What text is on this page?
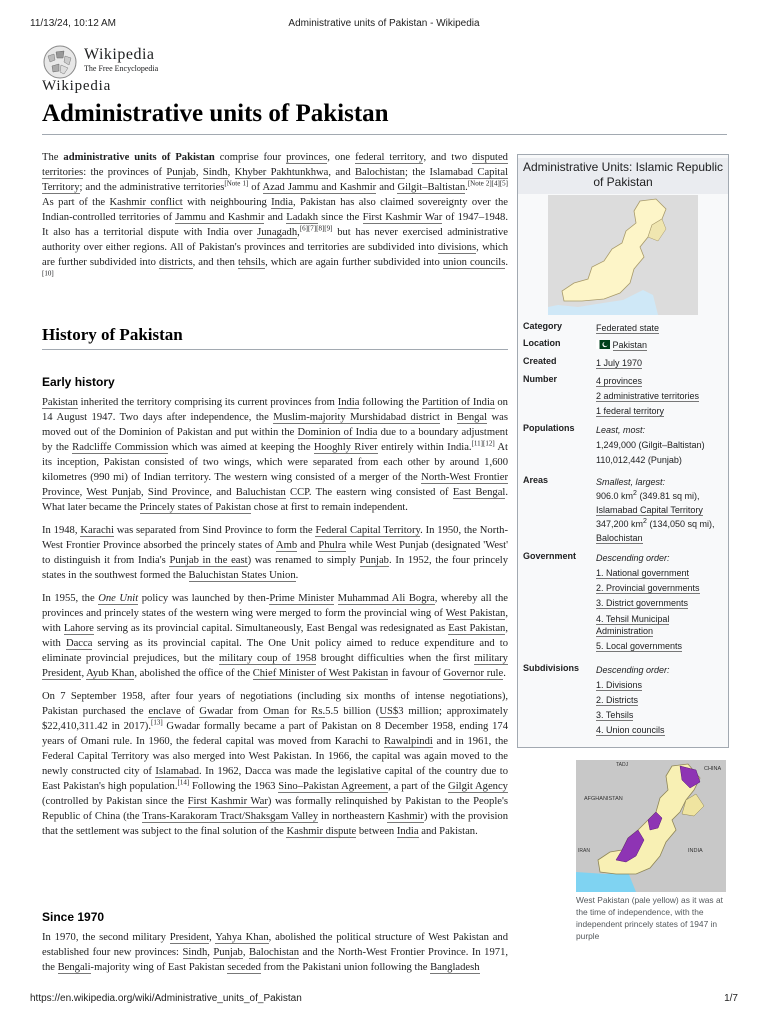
11/13/24, 10:12 AM	Administrative units of Pakistan - Wikipedia
Wikipedia
The Free Encyclopedia
Wikipedia
Administrative units of Pakistan

The administrative units of Pakistan comprise four provinces, one federal territory, and two disputed territories: the provinces of Punjab, Sindh, Khyber Pakhtunkhwa, and Balochistan; the Islamabad Capital Territory; and the administrative territories[Note 1] of Azad Jammu and Kashmir and Gilgit–Baltistan.[Note 2][4][5] As part of the Kashmir conflict with neighbouring India, Pakistan has also claimed sovereignty over the Indian-controlled territories of Jammu and Kashmir and Ladakh since the First Kashmir War of 1947–1948. It also has a territorial dispute with India over Junagadh,[6][7][8][9] but has never exercised administrative authority over either regions. All of Pakistan's provinces and territories are subdivided into divisions, which are further subdivided into districts, and then tehsils, which are again further subdivided into union councils.[10]

History of Pakistan
Early history

Pakistan inherited the territory comprising its current provinces from India following the Partition of India on 14 August 1947. Two days after independence, the Muslim-majority Murshidabad district in Bengal was moved out of the Dominion of Pakistan and put within the Dominion of India due to a boundary adjustment by the Radcliffe Commission which was aimed at keeping the Hooghly River entirely within India.[11][12] At its inception, Pakistan consisted of two wings, which were separated from each other by around 1,600 kilometres (990 mi) of Indian territory. The western wing consisted of a merger of the North-West Frontier Province, West Punjab, Sind Province, and Baluchistan CCP. The eastern wing consisted of East Bengal. What later became the Princely states of Pakistan chose at first to remain independent.

In 1948, Karachi was separated from Sind Province to form the Federal Capital Territory. In 1950, the North-West Frontier Province absorbed the princely states of Amb and Phulra while West Punjab (designated 'West' to distinguish it from India's Punjab in the east) was renamed to simply Punjab. In 1952, the four princely states in the southwest formed the Baluchistan States Union.

In 1955, the One Unit policy was launched by then-Prime Minister Muhammad Ali Bogra, whereby all the provinces and princely states of the western wing were merged to form the provincial wing of West Pakistan, with Lahore serving as its provincial capital. Simultaneously, East Bengal was redesignated as East Pakistan, with Dacca serving as its provincial capital. The One Unit policy aimed to reduce expenditure and to eliminate provincial prejudices, but the military coup of 1958 brought difficulties when the first military President, Ayub Khan, abolished the office of the Chief Minister of West Pakistan in favour of Governor rule.

On 7 September 1958, after four years of negotiations (including six months of intense negotiations), Pakistan purchased the enclave of Gwadar from Oman for Rs.5.5 billion (US$3 million; approximately $22,410,311.42 in 2017).[13] Gwadar formally became a part of Pakistan on 8 December 1958, ending 174 years of Omani rule. In 1960, the federal capital was moved from Karachi to Rawalpindi and in 1961, the Federal Capital Territory was also merged into West Pakistan. In 1966, the capital was again moved to the newly constructed city of Islamabad. In 1962, Dacca was made the legislative capital of the country due to East Pakistan's high population.[14] Following the 1963 Sino–Pakistan Agreement, a part of the Gilgit Agency (controlled by Pakistan since the First Kashmir War) was formally relinquished by Pakistan to the People's Republic of China (the Trans-Karakoram Tract/Shaksgam Valley in northeastern Kashmir) with the provision that the settlement was subject to the final solution of the Kashmir dispute between India and Pakistan.

Since 1970

In 1970, the second military President, Yahya Khan, abolished the political structure of West Pakistan and established four new provinces: Sindh, Punjab, Balochistan and the North-West Frontier Province. In 1971, the Bengali-majority wing of East Pakistan seceded from the Pakistani union following the Bangladesh

Administrative Units: Islamic Republic of Pakistan
Category	Federated state
Location	Pakistan
Created	1 July 1970
Number	4 provinces
2 administrative territories
1 federal territory
Populations	Least, most:
1,249,000 (Gilgit–Baltistan)
110,012,442 (Punjab)
Areas	Smallest, largest:
906.0 $km^2$ (349.81 sq mi),
Islamabad Capital Territory
347,200 $km^2$ (134,050 sq mi),
Balochistan
Government	Descending order:
1. National government
2. Provincial governments
3. District governments
4. Tehsil Municipal Administration
5. Local governments
Subdivisions	Descending order:
1. Divisions
2. Districts
3. Tehsils
4. Union councils
AFGHANISTAN
CHINA
INDIA
IRAN
TADJ
West Pakistan (pale yellow) as it was at the time of independence, with the independent princely states of 1947 in purple
https://en.wikipedia.org/wiki/Administrative_units_of_Pakistan	1/7
